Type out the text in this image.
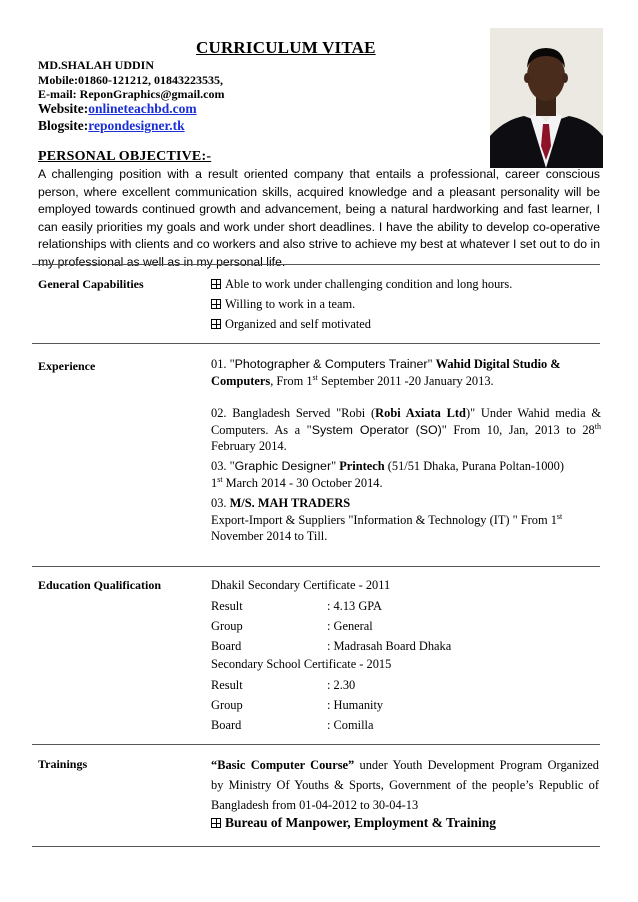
CURRICULUM VITAE
MD.SHALAH UDDIN
Mobile:01860-121212, 01843223535,
E-mail: ReponGraphics@gmail.com
Website:onlineteachbd.com
Blogsite:repondesigner.tk
PERSONAL OBJECTIVE:-
A challenging position with a result oriented company that entails a professional, career conscious person, where excellent communication skills, acquired knowledge and a pleasant personality will be employed towards continued growth and advancement, being a natural hardworking and fast learner, I can easily priorities my goals and work under short deadlines. I have the ability to develop co-operative relationships with clients and co workers and also strive to achieve my best at whatever I set out to do in my professional as well as in my personal life.
General Capabilities	Able to work under challenging condition and long hours.
Willing to work in a team.
Organized and self motivated
Experience	01. "Photographer & Computers Trainer" Wahid Digital Studio & Computers, From 1st September 2011 -20 January 2013.
02. Bangladesh Served "Robi (Robi Axiata Ltd)" Under Wahid media & Computers. As a "System Operator (SO)" From 10, Jan, 2013 to 28th February 2014.
03. "Graphic Designer" Printech (51/51 Dhaka, Purana Poltan-1000)
1st March 2014 - 30 October 2014.
03. M/S. MAH TRADERS
Export-Import & Suppliers "Information & Technology (IT) " From 1st
November 2014 to Till.
Education Qualification	Dhakil Secondary Certificate - 2011
Result	: 4.13 GPA
Group	: General
Board	: Madrasah Board Dhaka
Secondary School Certificate - 2015
Result	: 2.30
Group	: Humanity
Board	: Comilla
Trainings	“Basic Computer Course” under Youth Development Program Organized by Ministry Of Youths & Sports, Government of the people’s Republic of Bangladesh from 01-04-2012 to 30-04-13
Bureau of Manpower, Employment & Training
